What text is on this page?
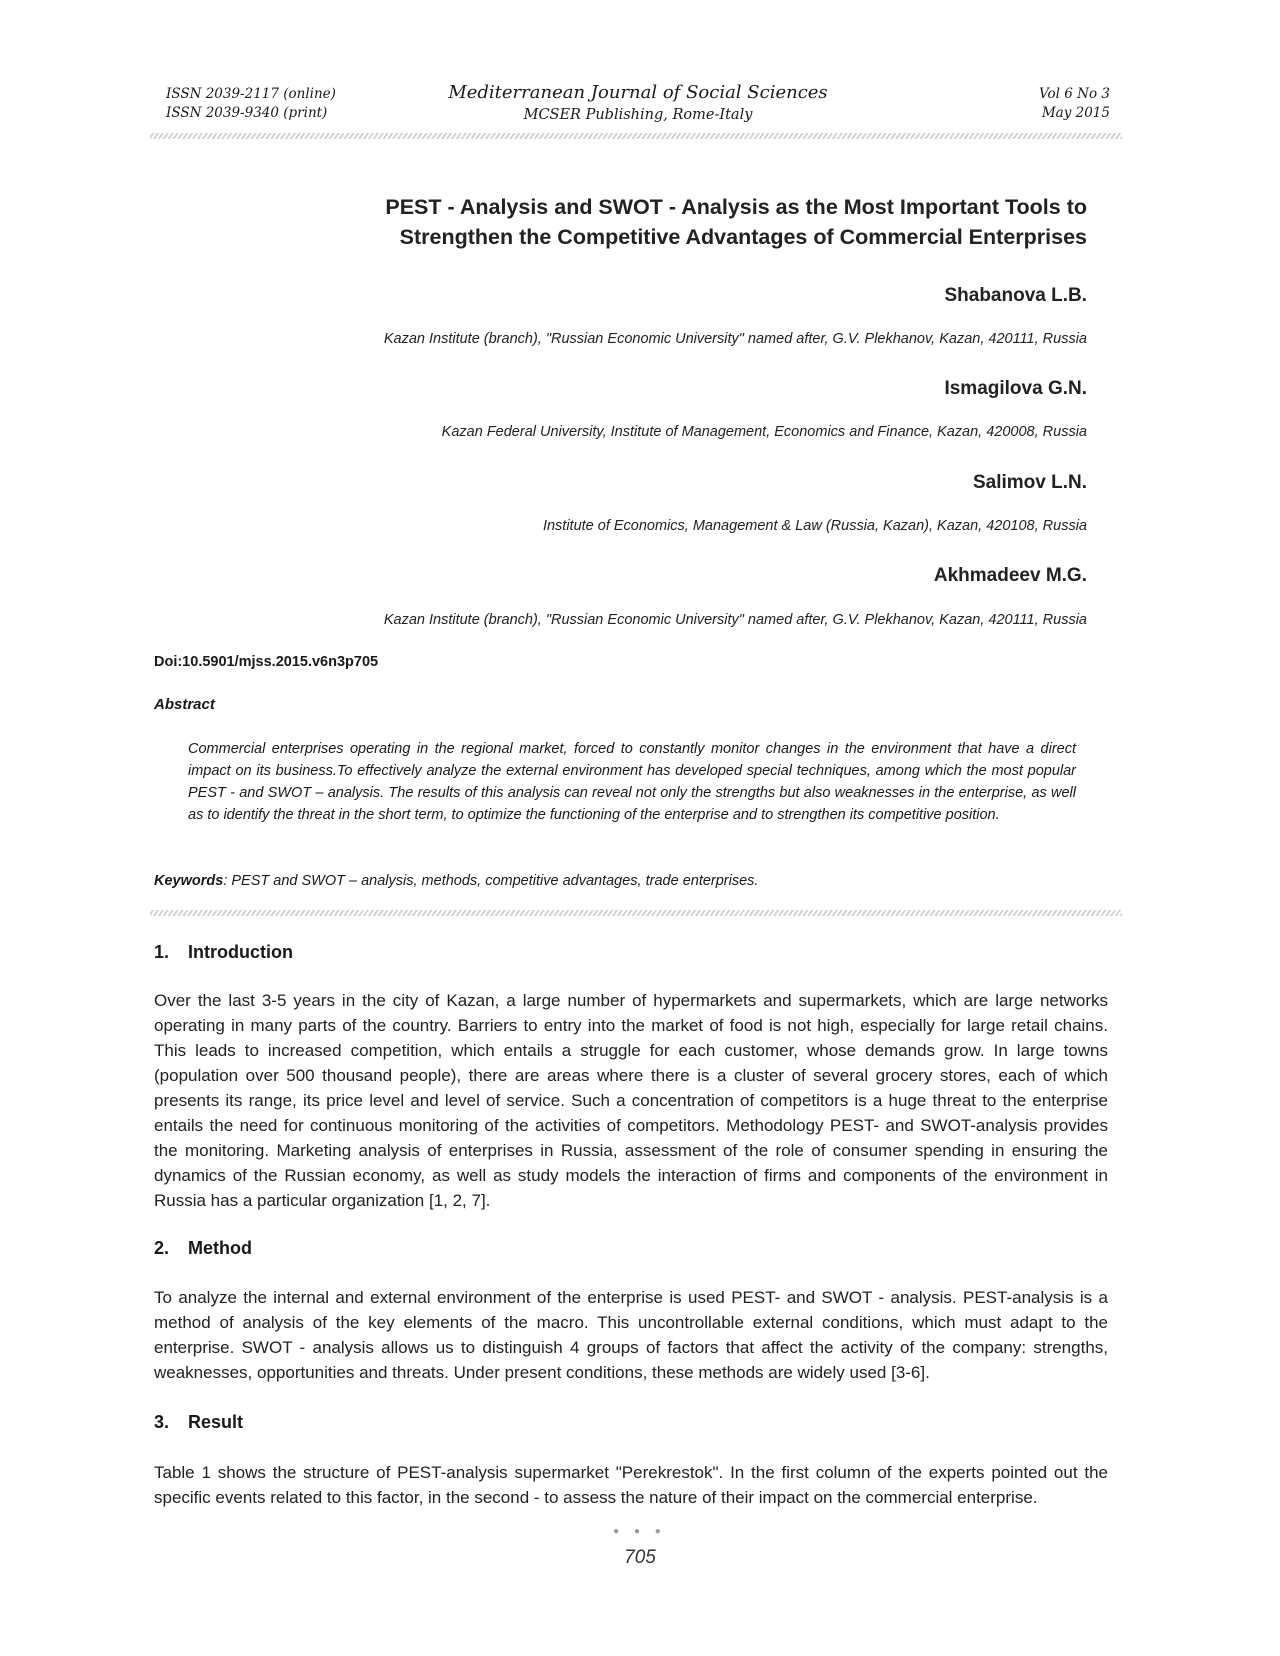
ISSN 2039-2117 (online)
ISSN 2039-9340 (print)
Mediterranean Journal of Social Sciences
MCSER Publishing, Rome-Italy
Vol 6 No 3
May 2015
PEST - Analysis and SWOT - Analysis as the Most Important Tools to
Strengthen the Competitive Advantages of Commercial Enterprises
Shabanova L.B.
Kazan Institute (branch), "Russian Economic University" named after, G.V. Plekhanov, Kazan, 420111, Russia
Ismagilova G.N.
Kazan Federal University, Institute of Management, Economics and Finance, Kazan, 420008, Russia
Salimov L.N.
Institute of Economics, Management & Law (Russia, Kazan), Kazan, 420108, Russia
Akhmadeev M.G.
Kazan Institute (branch), "Russian Economic University" named after, G.V. Plekhanov, Kazan, 420111, Russia
Doi:10.5901/mjss.2015.v6n3p705
Abstract

Commercial enterprises operating in the regional market, forced to constantly monitor changes in the environment that have a direct impact on its business.To effectively analyze the external environment has developed special techniques, among which the most popular PEST - and SWOT – analysis. The results of this analysis can reveal not only the strengths but also weaknesses in the enterprise, as well as to identify the threat in the short term, to optimize the functioning of the enterprise and to strengthen its competitive position.

Keywords: PEST and SWOT – analysis, methods, competitive advantages, trade enterprises.
1. Introduction

Over the last 3-5 years in the city of Kazan, a large number of hypermarkets and supermarkets, which are large networks operating in many parts of the country. Barriers to entry into the market of food is not high, especially for large retail chains. This leads to increased competition, which entails a struggle for each customer, whose demands grow. In large towns (population over 500 thousand people), there are areas where there is a cluster of several grocery stores, each of which presents its range, its price level and level of service. Such a concentration of competitors is a huge threat to the enterprise entails the need for continuous monitoring of the activities of competitors. Methodology PEST- and SWOT-analysis provides the monitoring. Marketing analysis of enterprises in Russia, assessment of the role of consumer spending in ensuring the dynamics of the Russian economy, as well as study models the interaction of firms and components of the environment in Russia has a particular organization [1, 2, 7].

2. Method

To analyze the internal and external environment of the enterprise is used PEST- and SWOT - analysis. PEST-analysis is a method of analysis of the key elements of the macro. This uncontrollable external conditions, which must adapt to the enterprise. SWOT - analysis allows us to distinguish 4 groups of factors that affect the activity of the company: strengths, weaknesses, opportunities and threats. Under present conditions, these methods are widely used [3-6].

3. Result

Table 1 shows the structure of PEST-analysis supermarket "Perekrestok". In the first column of the experts pointed out the specific events related to this factor, in the second - to assess the nature of their impact on the commercial enterprise.

● ● ●
705
